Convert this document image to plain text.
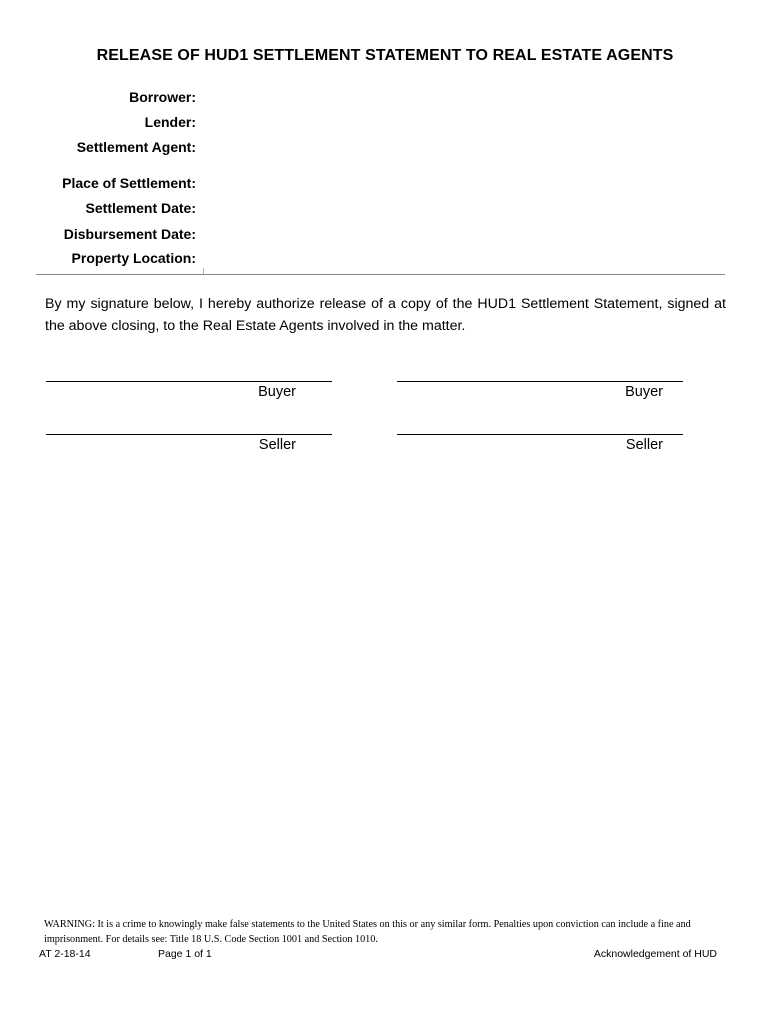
RELEASE OF HUD1 SETTLEMENT STATEMENT TO REAL ESTATE AGENTS
Borrower:
Lender:
Settlement Agent:
Place of Settlement:
Settlement Date:
Disbursement Date:
Property Location:
By my signature below, I hereby authorize release of a copy of the HUD1 Settlement Statement, signed at the above closing, to the Real Estate Agents involved in the matter.
Buyer	Buyer
Seller	Seller
WARNING: It is a crime to knowingly make false statements to the United States on this or any similar form. Penalties upon conviction can include a fine and imprisonment. For details see: Title 18 U.S. Code Section 1001 and Section 1010.
AT 2-18-14	Page 1 of 1	Acknowledgement of HUD
